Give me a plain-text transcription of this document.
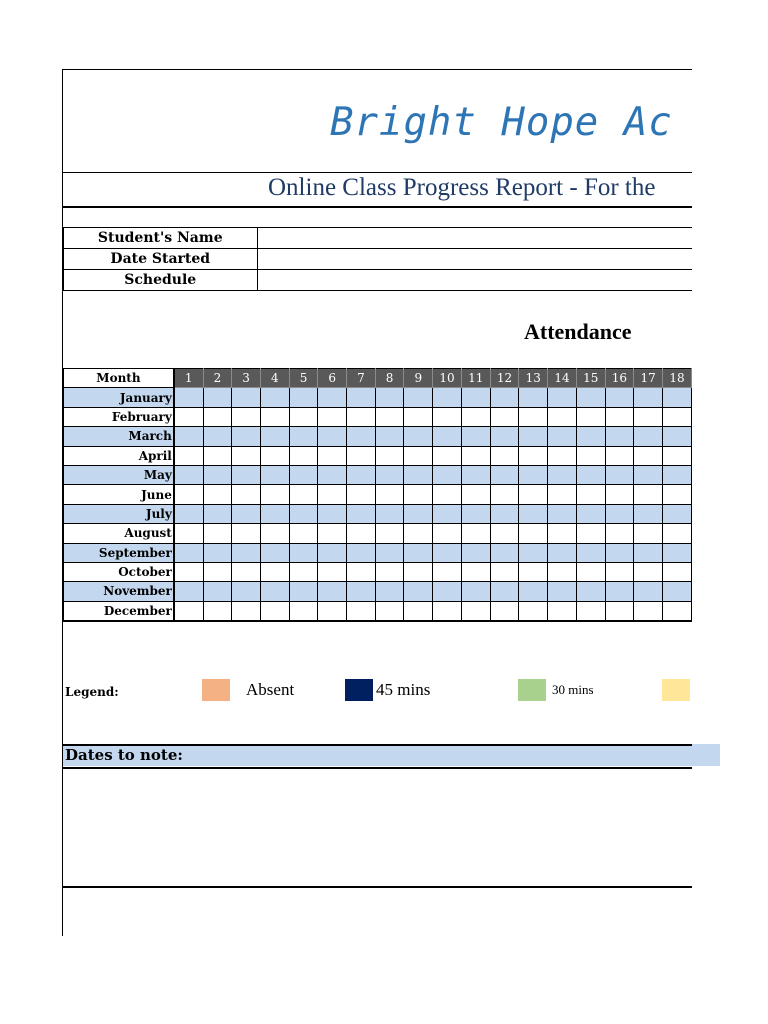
Bright Hope Ac
Online Class Progress Report - For the
Student's Name	
Date Started	
Schedule	
Attendance
Month	1	2	3	4	5	6	7	8	9	10	11	12	13	14	15	16	17	18
January																		
February																		
March																		
April																		
May																		
June																		
July																		
August																		
September																		
October																		
November																		
December																		
Legend:	Absent	45 mins	30 mins
Dates to note:
